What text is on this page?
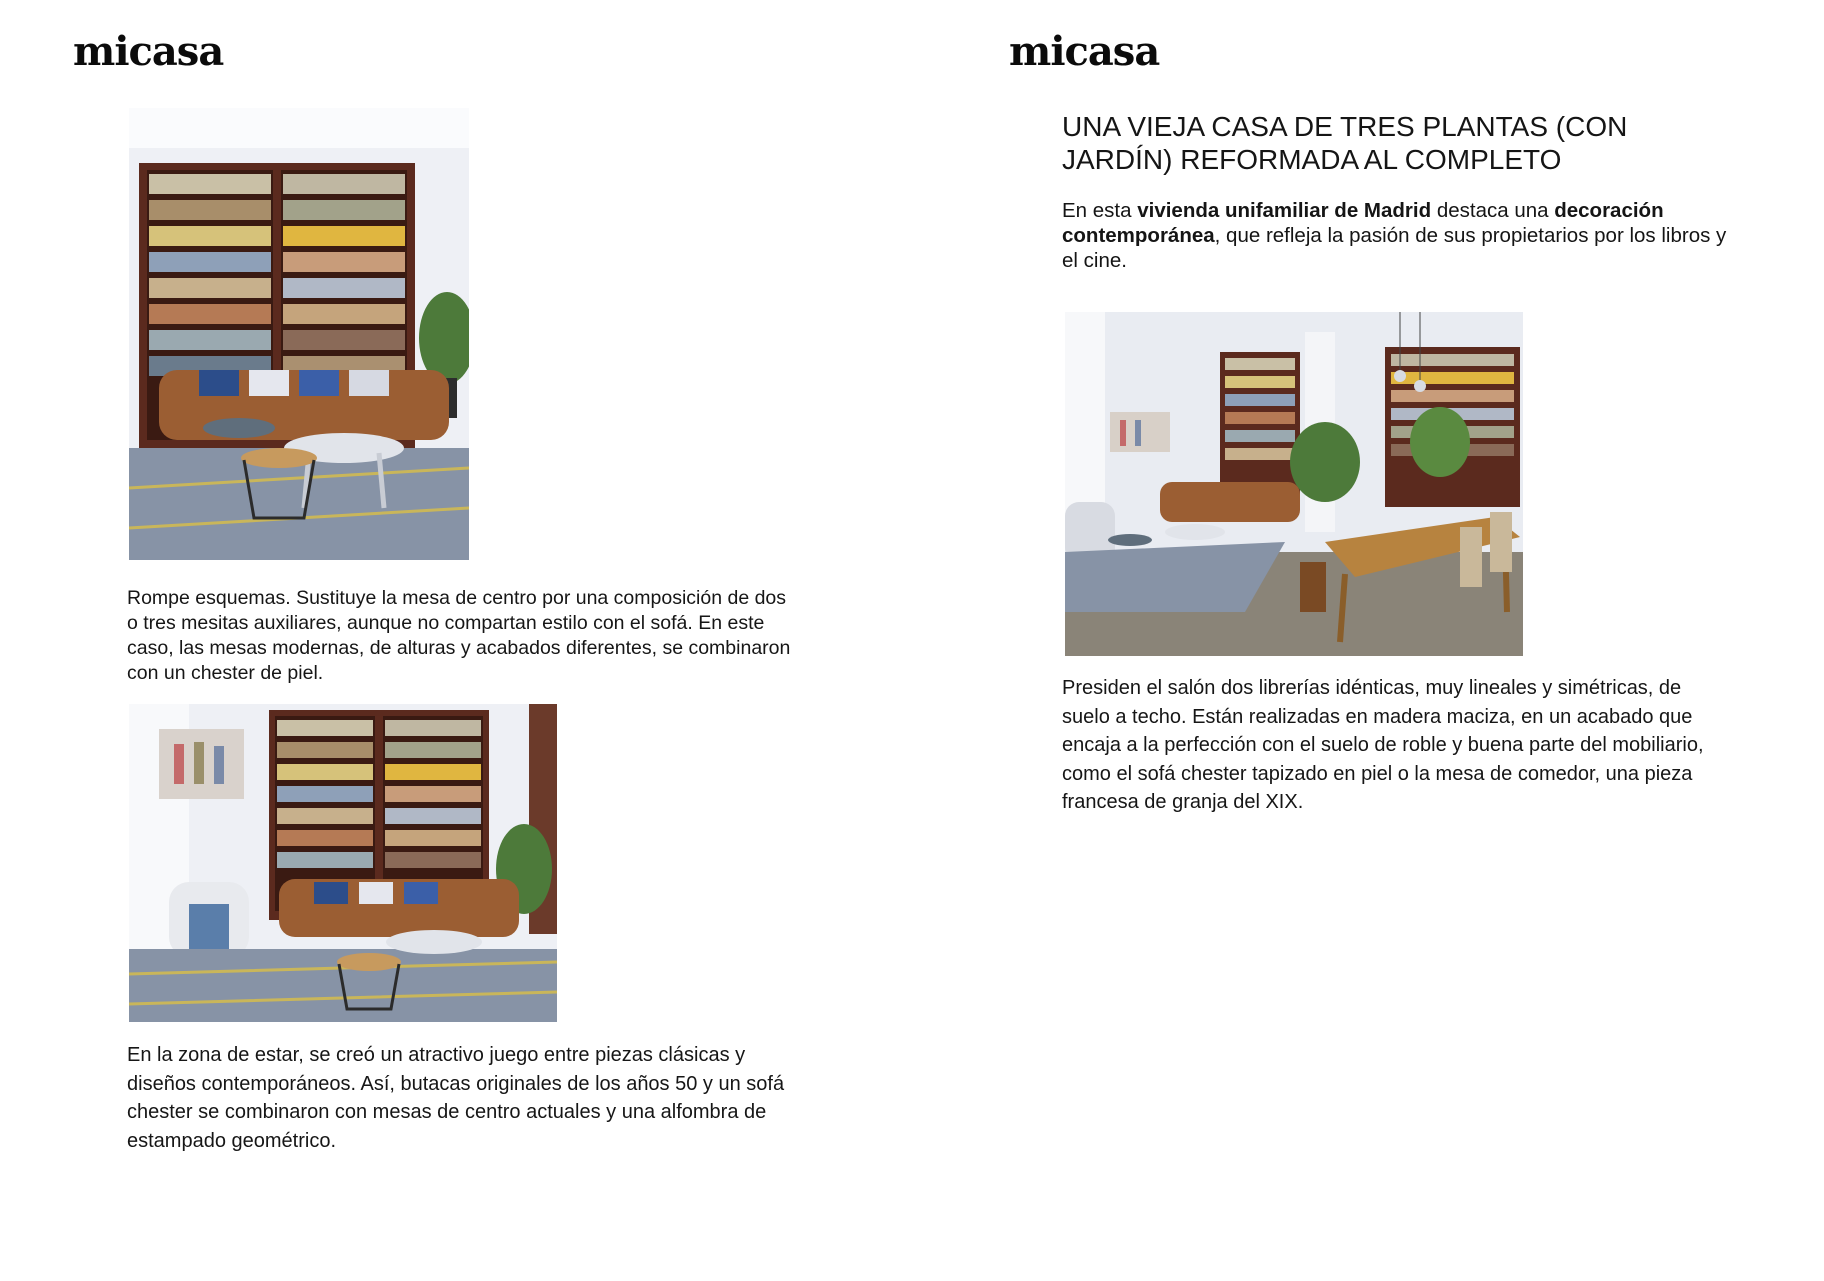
micasa
Rompe esquemas. Sustituye la mesa de centro por una composición de dos o tres mesitas auxiliares, aunque no compartan estilo con el sofá. En este caso, las mesas modernas, de alturas y acabados diferentes, se combinaron con un chester de piel.
En la zona de estar, se creó un atractivo juego entre piezas clásicas y diseños contemporáneos. Así, butacas originales de los años 50 y un sofá chester se combinaron con mesas de centro actuales y una alfombra de estampado geométrico.
micasa
UNA VIEJA CASA DE TRES PLANTAS (CON JARDÍN) REFORMADA AL COMPLETO
En esta vivienda unifamiliar de Madrid destaca una decoración contemporánea, que refleja la pasión de sus propietarios por los libros y el cine.
Presiden el salón dos librerías idénticas, muy lineales y simétricas, de suelo a techo. Están realizadas en madera maciza, en un acabado que encaja a la perfección con el suelo de roble y buena parte del mobiliario, como el sofá chester tapizado en piel o la mesa de comedor, una pieza francesa de granja del XIX.
